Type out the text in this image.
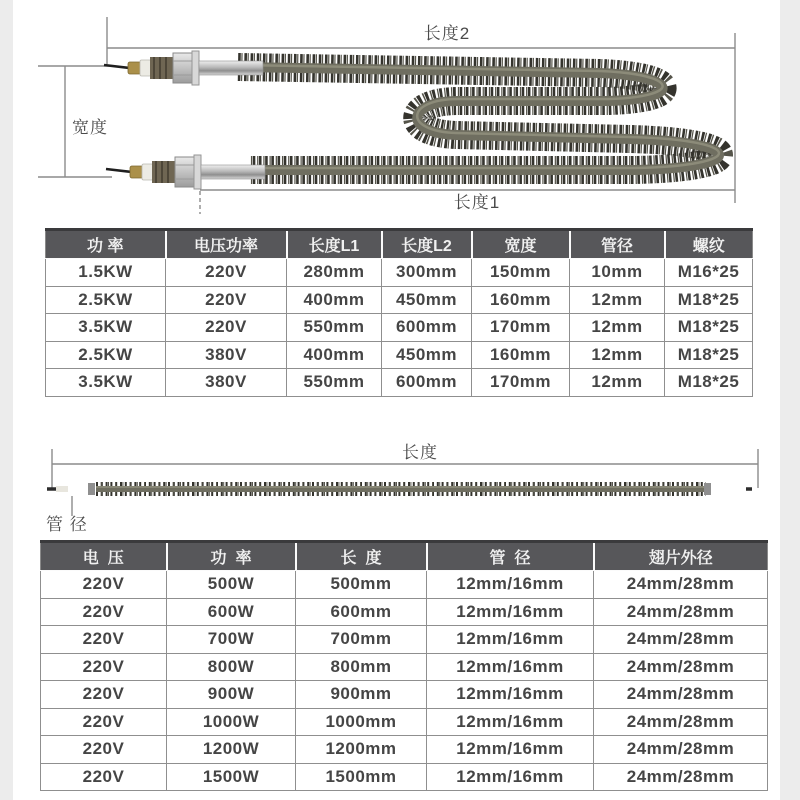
长度2
宽度
长度1
功 率	电压功率	长度L1	长度L2	宽度	管径	螺纹
1.5KW	220V	280mm	300mm	150mm	10mm	M16*25
2.5KW	220V	400mm	450mm	160mm	12mm	M18*25
3.5KW	220V	550mm	600mm	170mm	12mm	M18*25
2.5KW	380V	400mm	450mm	160mm	12mm	M18*25
3.5KW	380V	550mm	600mm	170mm	12mm	M18*25
长度
管 径
电  压	功  率	长  度	管  径	翅片外径
220V	500W	500mm	12mm/16mm	24mm/28mm
220V	600W	600mm	12mm/16mm	24mm/28mm
220V	700W	700mm	12mm/16mm	24mm/28mm
220V	800W	800mm	12mm/16mm	24mm/28mm
220V	900W	900mm	12mm/16mm	24mm/28mm
220V	1000W	1000mm	12mm/16mm	24mm/28mm
220V	1200W	1200mm	12mm/16mm	24mm/28mm
220V	1500W	1500mm	12mm/16mm	24mm/28mm
